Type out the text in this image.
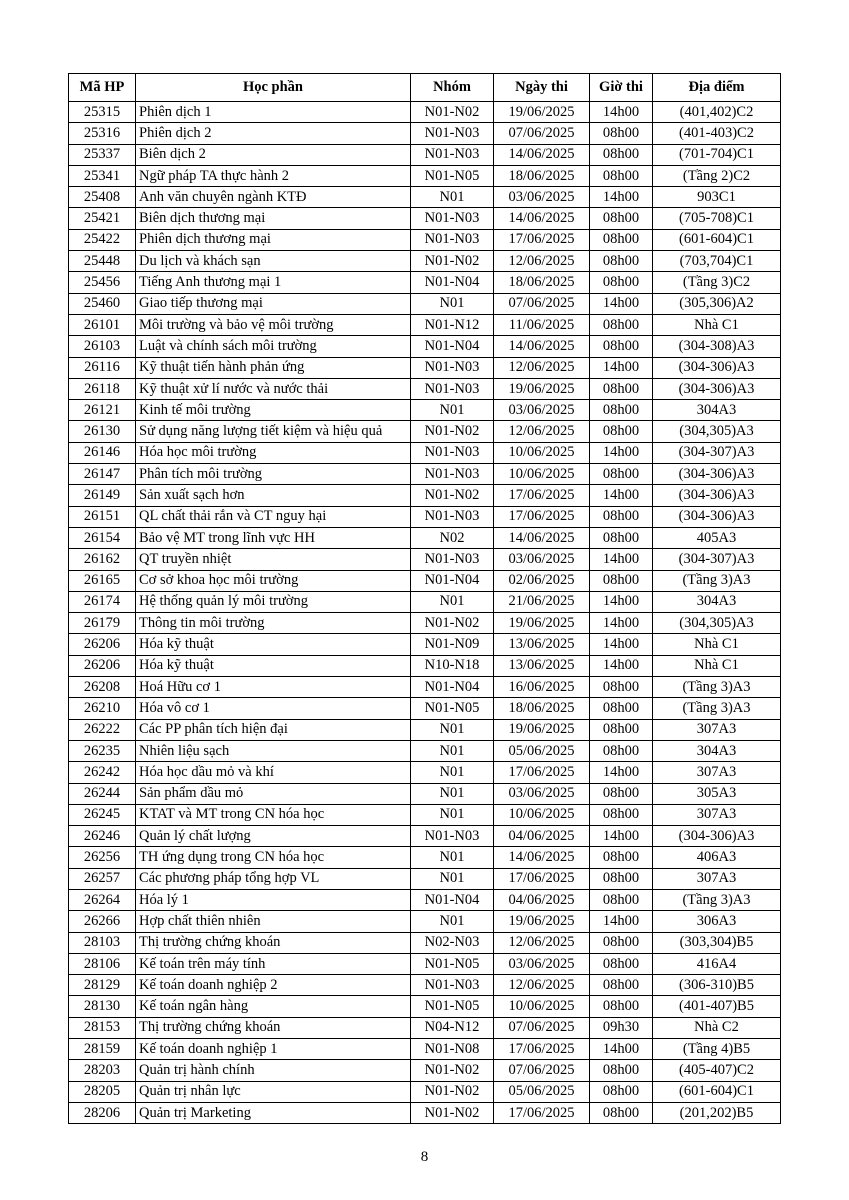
Mã HP	Học phần	Nhóm	Ngày thi	Giờ thi	Địa điểm
25315	Phiên dịch 1	N01-N02	19/06/2025	14h00	(401,402)C2
25316	Phiên dịch 2	N01-N03	07/06/2025	08h00	(401-403)C2
25337	Biên dịch 2	N01-N03	14/06/2025	08h00	(701-704)C1
25341	Ngữ pháp TA thực hành 2	N01-N05	18/06/2025	08h00	(Tầng 2)C2
25408	Anh văn chuyên ngành KTĐ	N01	03/06/2025	14h00	903C1
25421	Biên dịch thương mại	N01-N03	14/06/2025	08h00	(705-708)C1
25422	Phiên dịch thương mại	N01-N03	17/06/2025	08h00	(601-604)C1
25448	Du lịch và khách sạn	N01-N02	12/06/2025	08h00	(703,704)C1
25456	Tiếng Anh thương mại 1	N01-N04	18/06/2025	08h00	(Tầng 3)C2
25460	Giao tiếp thương mại	N01	07/06/2025	14h00	(305,306)A2
26101	Môi trường và bảo vệ môi trường	N01-N12	11/06/2025	08h00	Nhà C1
26103	Luật và chính sách môi trường	N01-N04	14/06/2025	08h00	(304-308)A3
26116	Kỹ thuật tiến hành phản ứng	N01-N03	12/06/2025	14h00	(304-306)A3
26118	Kỹ thuật xử lí nước và nước thải	N01-N03	19/06/2025	08h00	(304-306)A3
26121	Kinh tế môi trường	N01	03/06/2025	08h00	304A3
26130	Sử dụng năng lượng tiết kiệm và hiệu quả	N01-N02	12/06/2025	08h00	(304,305)A3
26146	Hóa học môi trường	N01-N03	10/06/2025	14h00	(304-307)A3
26147	Phân tích môi trường	N01-N03	10/06/2025	08h00	(304-306)A3
26149	Sản xuất sạch hơn	N01-N02	17/06/2025	14h00	(304-306)A3
26151	QL chất thải rắn và CT nguy hại	N01-N03	17/06/2025	08h00	(304-306)A3
26154	Bảo vệ MT trong lĩnh vực HH	N02	14/06/2025	08h00	405A3
26162	QT truyền nhiệt	N01-N03	03/06/2025	14h00	(304-307)A3
26165	Cơ sở khoa học môi trường	N01-N04	02/06/2025	08h00	(Tầng 3)A3
26174	Hệ thống quản lý môi trường	N01	21/06/2025	14h00	304A3
26179	Thông tin môi trường	N01-N02	19/06/2025	14h00	(304,305)A3
26206	Hóa kỹ thuật	N01-N09	13/06/2025	14h00	Nhà C1
26206	Hóa kỹ thuật	N10-N18	13/06/2025	14h00	Nhà C1
26208	Hoá Hữu cơ 1	N01-N04	16/06/2025	08h00	(Tầng 3)A3
26210	Hóa vô cơ 1	N01-N05	18/06/2025	08h00	(Tầng 3)A3
26222	Các PP phân tích hiện đại	N01	19/06/2025	08h00	307A3
26235	Nhiên liệu sạch	N01	05/06/2025	08h00	304A3
26242	Hóa học dầu mỏ và khí	N01	17/06/2025	14h00	307A3
26244	Sản phẩm dầu mỏ	N01	03/06/2025	08h00	305A3
26245	KTAT và MT trong CN hóa học	N01	10/06/2025	08h00	307A3
26246	Quản lý chất lượng	N01-N03	04/06/2025	14h00	(304-306)A3
26256	TH ứng dụng trong CN hóa học	N01	14/06/2025	08h00	406A3
26257	Các phương pháp tổng hợp VL	N01	17/06/2025	08h00	307A3
26264	Hóa lý 1	N01-N04	04/06/2025	08h00	(Tầng 3)A3
26266	Hợp chất thiên nhiên	N01	19/06/2025	14h00	306A3
28103	Thị trường chứng khoán	N02-N03	12/06/2025	08h00	(303,304)B5
28106	Kế toán trên máy tính	N01-N05	03/06/2025	08h00	416A4
28129	Kế toán doanh nghiệp 2	N01-N03	12/06/2025	08h00	(306-310)B5
28130	Kế toán ngân hàng	N01-N05	10/06/2025	08h00	(401-407)B5
28153	Thị trường chứng khoán	N04-N12	07/06/2025	09h30	Nhà C2
28159	Kế toán doanh nghiệp 1	N01-N08	17/06/2025	14h00	(Tầng 4)B5
28203	Quản trị hành chính	N01-N02	07/06/2025	08h00	(405-407)C2
28205	Quản trị nhân lực	N01-N02	05/06/2025	08h00	(601-604)C1
28206	Quản trị Marketing	N01-N02	17/06/2025	08h00	(201,202)B5
8
